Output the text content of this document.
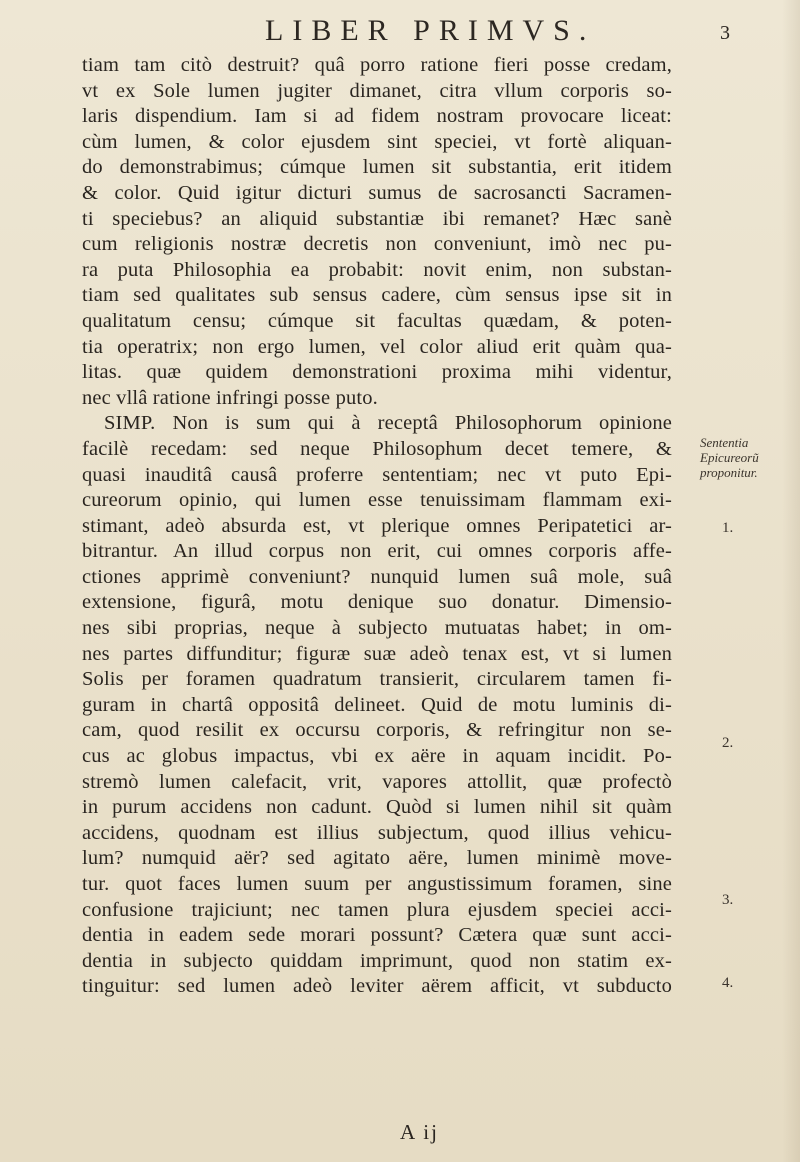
LIBER PRIMVS.	3
tiam tam citò destruit? quâ porro ratione fieri posse credam,
vt ex Sole lumen jugiter dimanet, citra vllum corporis so-
laris dispendium. Iam si ad fidem nostram provocare liceat:
cùm lumen, & color ejusdem sint speciei, vt fortè aliquan-
do demonstrabimus; cúmque lumen sit substantia, erit itidem
& color. Quid igitur dicturi sumus de sacrosancti Sacramen-
ti speciebus? an aliquid substantiæ ibi remanet? Hæc sanè
cum religionis nostræ decretis non conveniunt, imò nec pu-
ra puta Philosophia ea probabit: novit enim, non substan-
tiam sed qualitates sub sensus cadere, cùm sensus ipse sit in
qualitatum censu; cúmque sit facultas quædam, & poten-
tia operatrix; non ergo lumen, vel color aliud erit quàm qua-
litas. quæ quidem demonstrationi proxima mihi videntur,
nec vllâ ratione infringi posse puto.
SIMP. Non is sum qui à receptâ Philosophorum opinione
facilè recedam: sed neque Philosophum decet temere, &
quasi inauditâ causâ proferre sententiam; nec vt puto Epi-
cureorum opinio, qui lumen esse tenuissimam flammam exi-
stimant, adeò absurda est, vt plerique omnes Peripatetici ar-
bitrantur. An illud corpus non erit, cui omnes corporis affe-
ctiones apprimè conveniunt? nunquid lumen suâ mole, suâ
extensione, figurâ, motu denique suo donatur. Dimensio-
nes sibi proprias, neque à subjecto mutuatas habet; in om-
nes partes diffunditur; figuræ suæ adeò tenax est, vt si lumen
Solis per foramen quadratum transierit, circularem tamen fi-
guram in chartâ oppositâ delineet. Quid de motu luminis di-
cam, quod resilit ex occursu corporis, & refringitur non se-
cus ac globus impactus, vbi ex aëre in aquam incidit. Po-
stremò lumen calefacit, vrit, vapores attollit, quæ profectò
in purum accidens non cadunt. Quòd si lumen nihil sit quàm
accidens, quodnam est illius subjectum, quod illius vehicu-
lum? numquid aër? sed agitato aëre, lumen minimè move-
tur. quot faces lumen suum per angustissimum foramen, sine
confusione trajiciunt; nec tamen plura ejusdem speciei acci-
dentia in eadem sede morari possunt? Cætera quæ sunt acci-
dentia in subjecto quiddam imprimunt, quod non statim ex-
tinguitur: sed lumen adeò leviter aërem afficit, vt subducto
Sententia
Epicureorũ
proponitur.
1.
2.
3.
4.
A ij
